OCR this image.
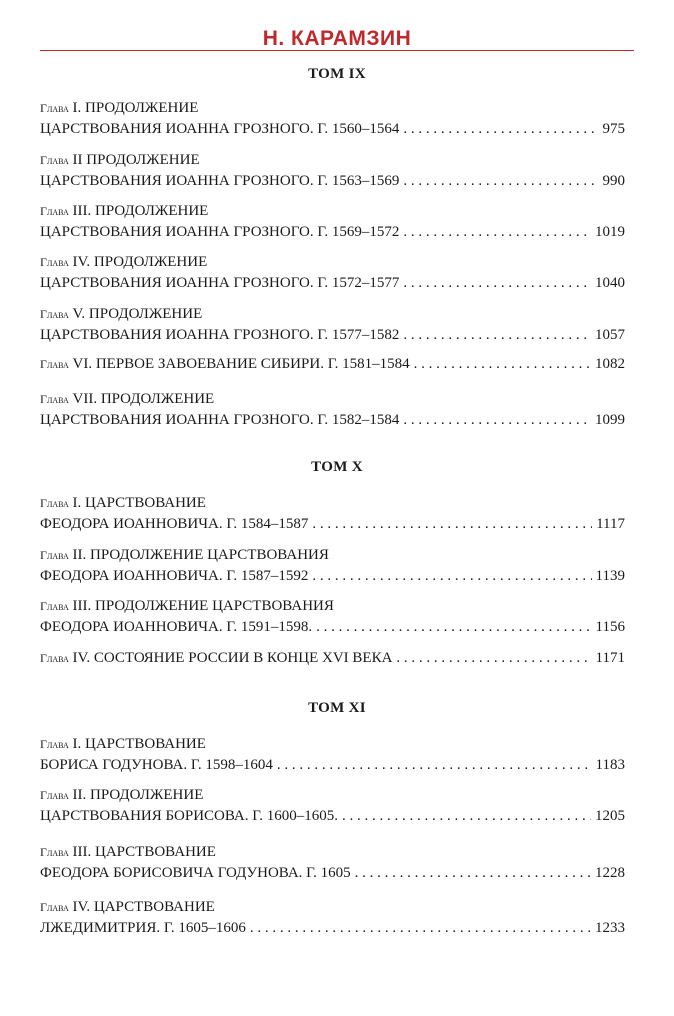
Н. КАРАМЗИН
ТОМ IX
Глава I. ПРОДОЛЖЕНИЕ
ЦАРСТВОВАНИЯ ИОАННА ГРОЗНОГО. Г. 1560–1564 . . .	975
Глава II ПРОДОЛЖЕНИЕ
ЦАРСТВОВАНИЯ ИОАННА ГРОЗНОГО. Г. 1563–1569 . . .	990
Глава III. ПРОДОЛЖЕНИЕ
ЦАРСТВОВАНИЯ ИОАННА ГРОЗНОГО. Г. 1569–1572 . . .	1019
Глава IV. ПРОДОЛЖЕНИЕ
ЦАРСТВОВАНИЯ ИОАННА ГРОЗНОГО. Г. 1572–1577 . . .	1040
Глава V. ПРОДОЛЖЕНИЕ
ЦАРСТВОВАНИЯ ИОАННА ГРОЗНОГО. Г. 1577–1582 . . .	1057
Глава VI. ПЕРВОЕ ЗАВОЕВАНИЕ СИБИРИ. Г. 1581–1584 . . .	1082
Глава VII. ПРОДОЛЖЕНИЕ
ЦАРСТВОВАНИЯ ИОАННА ГРОЗНОГО. Г. 1582–1584 . . .	1099
ТОМ X
Глава I. ЦАРСТВОВАНИЕ
ФЕОДОРА ИОАННОВИЧА. Г. 1584–1587 . . .	1117
Глава II. ПРОДОЛЖЕНИЕ ЦАРСТВОВАНИЯ
ФЕОДОРА ИОАННОВИЧА. Г. 1587–1592 . . .	1139
Глава III. ПРОДОЛЖЕНИЕ ЦАРСТВОВАНИЯ
ФЕОДОРА ИОАННОВИЧА. Г. 1591–1598. . . .	1156
Глава IV. СОСТОЯНИЕ РОССИИ В КОНЦЕ XVI ВЕКА . . .	1171
ТОМ XI
Глава I. ЦАРСТВОВАНИЕ
БОРИСА ГОДУНОВА. Г. 1598–1604 . . .	1183
Глава II. ПРОДОЛЖЕНИЕ
ЦАРСТВОВАНИЯ БОРИСОВА. Г. 1600–1605. . . .	1205
Глава III. ЦАРСТВОВАНИЕ
ФЕОДОРА БОРИСОВИЧА ГОДУНОВА. Г. 1605 . . .	1228
Глава IV. ЦАРСТВОВАНИЕ
ЛЖЕДИМИТРИЯ. Г. 1605–1606 . . .	1233
